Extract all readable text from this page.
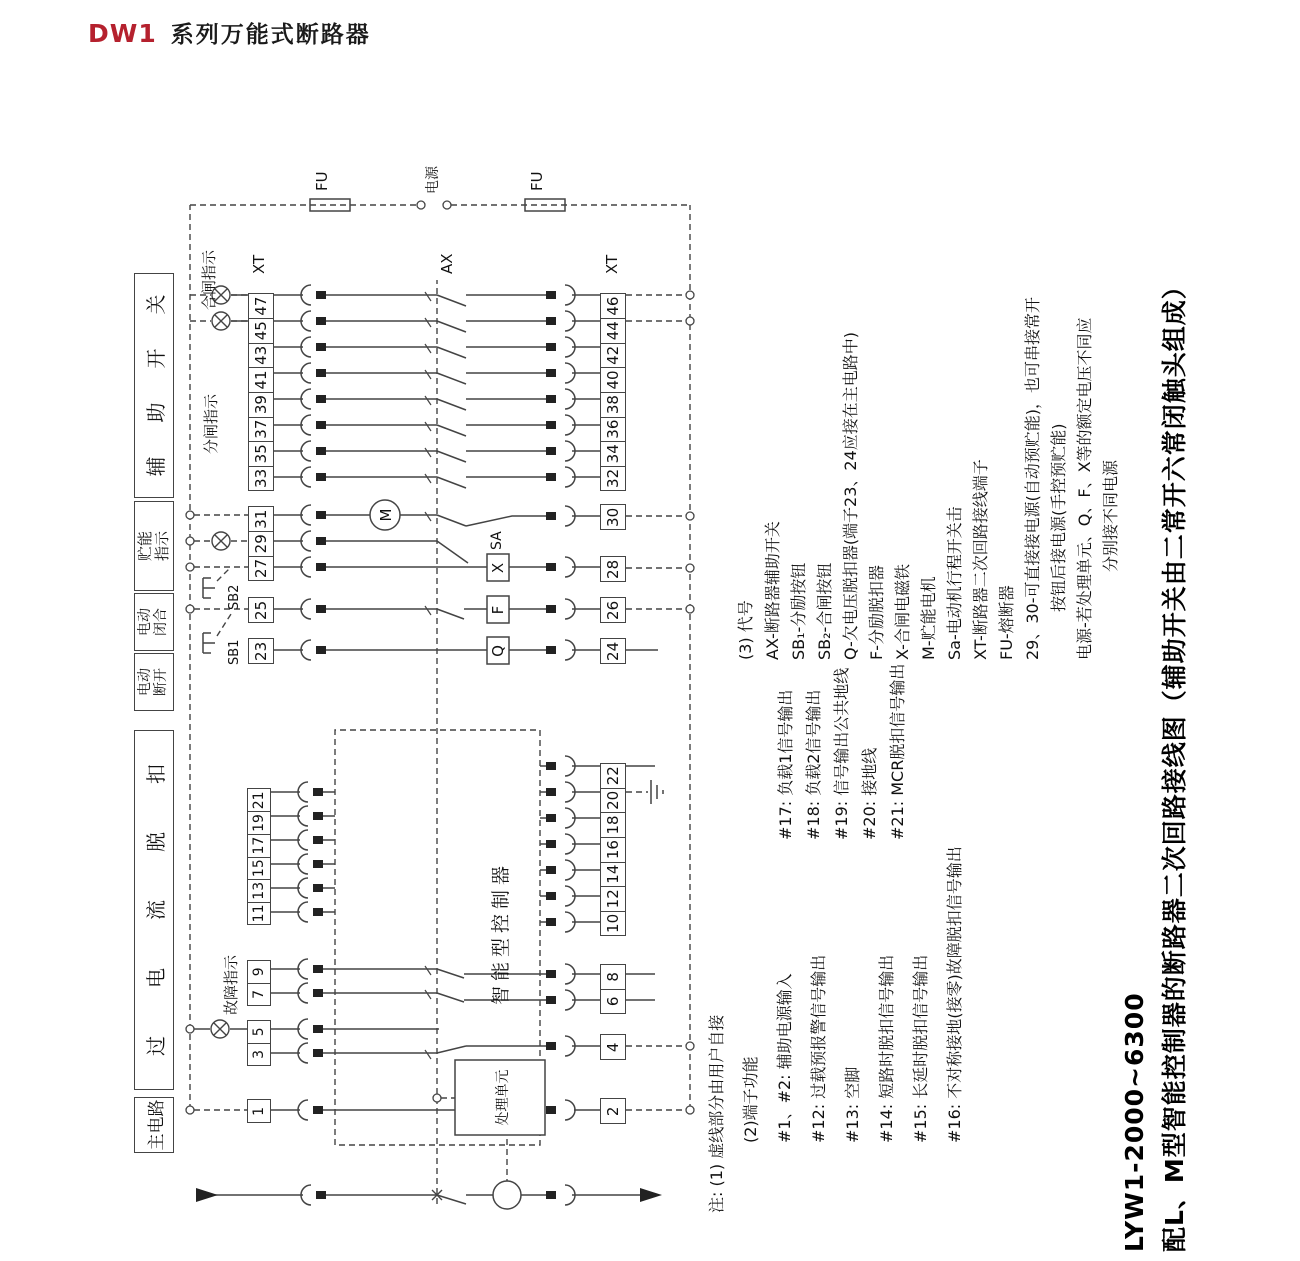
DW1 系列万能式断路器
M
X
F
Q
主电路
过电流脱扣
电动断开
电动闭合
贮能指示
辅助开关
33
35
37
39
41
43
45
47
27
29
31
25
23
32
34
36
38
40
42
44
46
30
28
26
24
11
13
15
17
19
21
3
5
7
9
1
10
12
14
16
18
20
22
6
8
4
2
XT	XT
AX
FU	FU
电源
SA
SB2
SB1
合闸指示
分闸指示
故障指示	智能型控制器
处理单元	注: (1) 虚线部分由用户自接 (2)端子功能 #1、#2: 辅助电源输入 #12: 过载预报警信号输出 #13: 空脚 #14: 短路时脱扣信号输出 #15: 长延时脱扣信号输出 #16: 不对称接地(接零)故障脱扣信号输出
#17: 负载1信号输出 #18: 负载2信号输出 #19: 信号输出公共地线 #20: 接地线 #21: MCR脱扣信号输出
(3) 代号 AX-断路器辅助开关 SB₁-分励按钮 SB₂-合闸按钮 Q-欠电压脱扣器(端子23、24应接在主电路中) F-分励脱扣器 X-合闸电磁铁 M-贮能电机 Sa-电动机行程开关击 XT-断路器二次回路接线端子 FU-熔断器 29、30-可直接接电源(自动预贮能)，也可串接常开 按钮后接电源(手控预贮能) 电源-若处理单元、Q、F、X等的额定电压不同应 分别接不同电源
LYW1-2000~6300 配L、M型智能控制器的断路器二次回路接线图（辅助开关由二常开六常闭触头组成）
